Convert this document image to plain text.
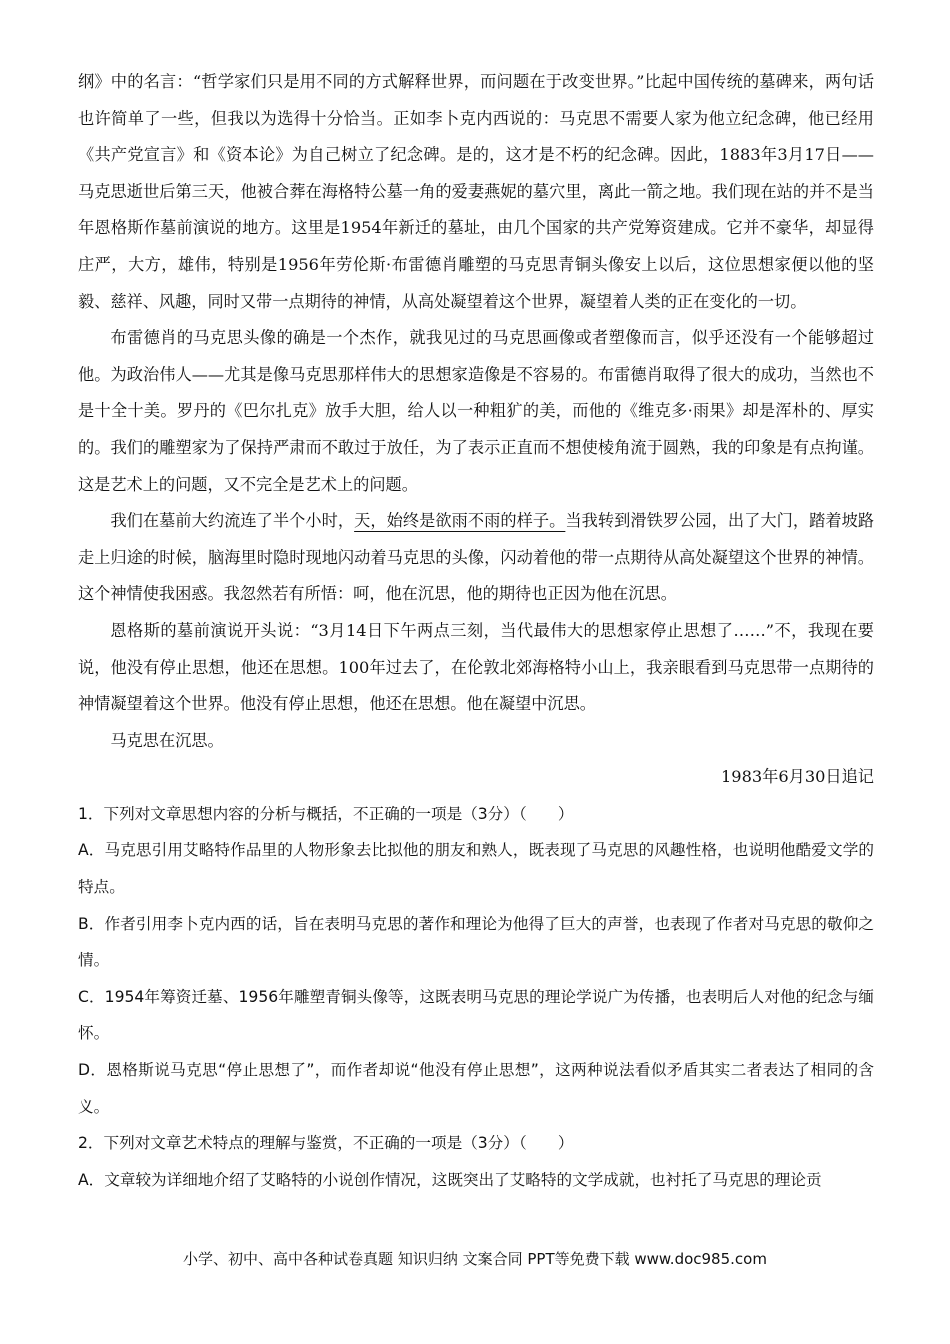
纲》中的名言：“哲学家们只是用不同的方式解释世界，而问题在于改变世界。”比起中国传统的墓碑来，两句话也许简单了一些，但我以为选得十分恰当。正如李卜克内西说的：马克思不需要人家为他立纪念碑，他已经用《共产党宣言》和《资本论》为自己树立了纪念碑。是的，这才是不朽的纪念碑。因此，1883年3月17日——马克思逝世后第三天，他被合葬在海格特公墓一角的爱妻燕妮的墓穴里，离此一箭之地。我们现在站的并不是当年恩格斯作墓前演说的地方。这里是1954年新迁的墓址，由几个国家的共产党筹资建成。它并不豪华，却显得庄严，大方，雄伟，特别是1956年劳伦斯·布雷德肖雕塑的马克思青铜头像安上以后，这位思想家便以他的坚毅、慈祥、风趣，同时又带一点期待的神情，从高处凝望着这个世界，凝望着人类的正在变化的一切。

布雷德肖的马克思头像的确是一个杰作，就我见过的马克思画像或者塑像而言，似乎还没有一个能够超过他。为政治伟人——尤其是像马克思那样伟大的思想家造像是不容易的。布雷德肖取得了很大的成功，当然也不是十全十美。罗丹的《巴尔扎克》放手大胆，给人以一种粗犷的美，而他的《维克多·雨果》却是浑朴的、厚实的。我们的雕塑家为了保持严肃而不敢过于放任，为了表示正直而不想使棱角流于圆熟，我的印象是有点拘谨。这是艺术上的问题，又不完全是艺术上的问题。

我们在墓前大约流连了半个小时，天，始终是欲雨不雨的样子。当我转到滑铁罗公园，出了大门，踏着坡路走上归途的时候，脑海里时隐时现地闪动着马克思的头像，闪动着他的带一点期待从高处凝望这个世界的神情。这个神情使我困惑。我忽然若有所悟：呵，他在沉思，他的期待也正因为他在沉思。

恩格斯的墓前演说开头说：“3月14日下午两点三刻，当代最伟大的思想家停止思想了……”不，我现在要说，他没有停止思想，他还在思想。100年过去了，在伦敦北郊海格特小山上，我亲眼看到马克思带一点期待的神情凝望着这个世界。他没有停止思想，他还在思想。他在凝望中沉思。

马克思在沉思。

1983年6月30日追记

1．下列对文章思想内容的分析与概括，不正确的一项是（3分）（　　）

A．马克思引用艾略特作品里的人物形象去比拟他的朋友和熟人，既表现了马克思的风趣性格，也说明他酷爱文学的特点。

B．作者引用李卜克内西的话，旨在表明马克思的著作和理论为他得了巨大的声誉，也表现了作者对马克思的敬仰之情。

C．1954年筹资迁墓、1956年雕塑青铜头像等，这既表明马克思的理论学说广为传播，也表明后人对他的纪念与缅怀。

D．恩格斯说马克思“停止思想了”，而作者却说“他没有停止思想”，这两种说法看似矛盾其实二者表达了相同的含义。

2．下列对文章艺术特点的理解与鉴赏，不正确的一项是（3分）（　　）

A．文章较为详细地介绍了艾略特的小说创作情况，这既突出了艾略特的文学成就，也衬托了马克思的理论贡

小学、初中、高中各种试卷真题 知识归纳 文案合同 PPT等免费下载 www.doc985.com
